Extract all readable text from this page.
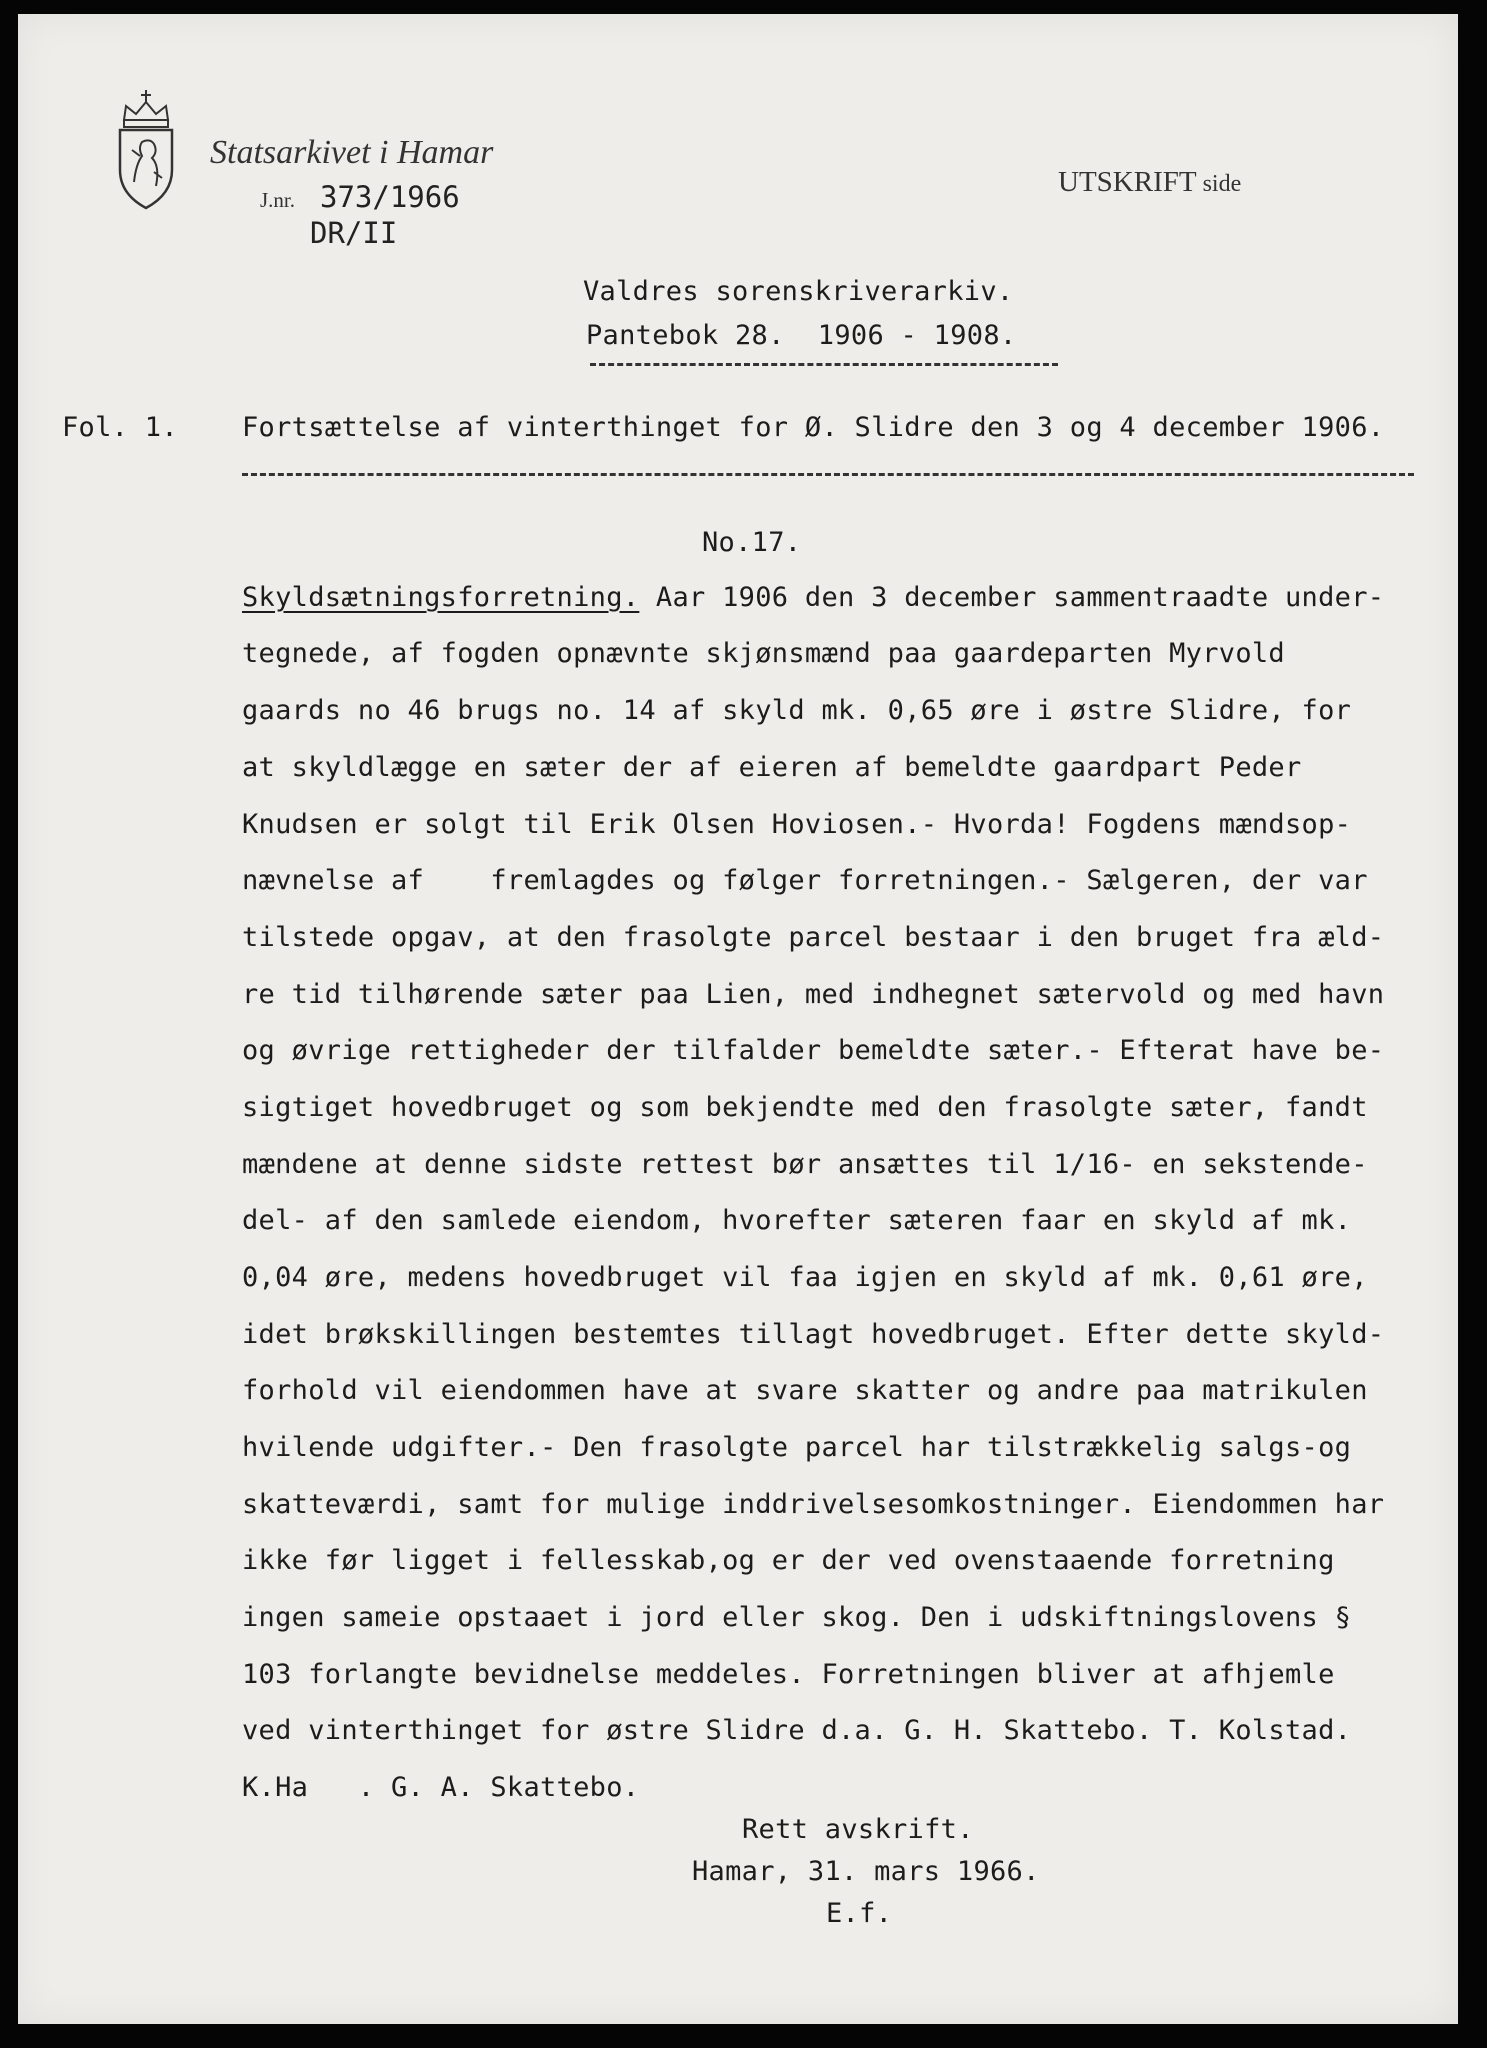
Statsarkivet i Hamar
J.nr. 373/1966
DR/II
UTSKRIFT side
Valdres sorenskriverarkiv.
Pantebok 28.  1906 - 1908.
Fol. 1. Fortsættelse af vinterthinget for Ø. Slidre den 3 og 4 december 1906.
No.17.
Skyldsætningsforretning. Aar 1906 den 3 december sammentraadte under-
tegnede, af fogden opnævnte skjønsmænd paa gaardeparten Myrvold
gaards no 46 brugs no. 14 af skyld mk. 0,65 øre i østre Slidre, for
at skyldlægge en sæter der af eieren af bemeldte gaardpart Peder
Knudsen er solgt til Erik Olsen Hoviosen.- Hvorda! Fogdens mændsop-
nævnelse af    fremlagdes og følger forretningen.- Sælgeren, der var
tilstede opgav, at den frasolgte parcel bestaar i den bruget fra æld-
re tid tilhørende sæter paa Lien, med indhegnet sætervold og med havn
og øvrige rettigheder der tilfalder bemeldte sæter.- Efterat have be-
sigtiget hovedbruget og som bekjendte med den frasolgte sæter, fandt
mændene at denne sidste rettest bør ansættes til 1/16- en sekstende-
del- af den samlede eiendom, hvorefter sæteren faar en skyld af mk.
0,04 øre, medens hovedbruget vil faa igjen en skyld af mk. 0,61 øre,
idet brøkskillingen bestemtes tillagt hovedbruget. Efter dette skyld-
forhold vil eiendommen have at svare skatter og andre paa matrikulen
hvilende udgifter.- Den frasolgte parcel har tilstrækkelig salgs-og
skatteværdi, samt for mulige inddrivelsesomkostninger. Eiendommen har
ikke før ligget i fellesskab,og er der ved ovenstaaende forretning
ingen sameie opstaaet i jord eller skog. Den i udskiftningslovens §
103 forlangte bevidnelse meddeles. Forretningen bliver at afhjemle
ved vinterthinget for østre Slidre d.a. G. H. Skattebo. T. Kolstad.
K.Ha   . G. A. Skattebo.
Rett avskrift.
Hamar, 31. mars 1966.
E.f.
